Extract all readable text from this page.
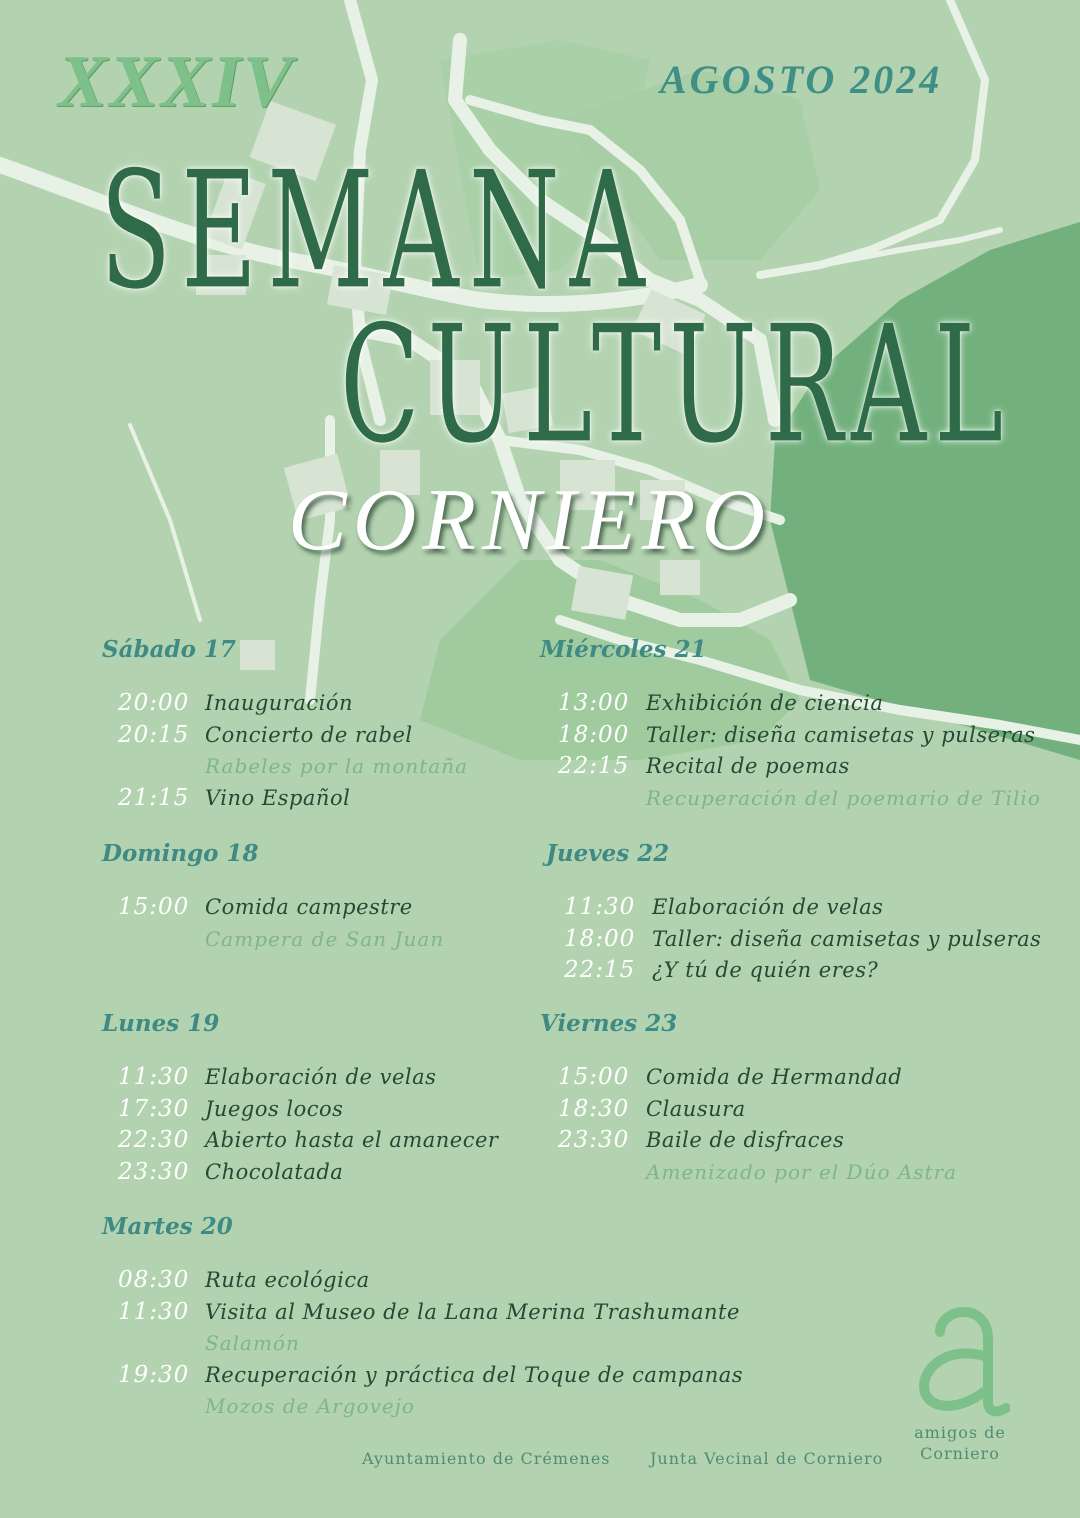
XXXIV	AGOSTO 2024
SEMANA
CULTURAL
CORNIERO
Sábado 17
20:00 Inauguración
20:15 Concierto de rabel
Rabeles por la montaña
21:15 Vino Español
Domingo 18
15:00 Comida campestre
Campera de San Juan
Lunes 19
11:30 Elaboración de velas
17:30 Juegos locos
22:30 Abierto hasta el amanecer
23:30 Chocolatada
Martes 20
08:30 Ruta ecológica
11:30 Visita al Museo de la Lana Merina Trashumante
Salamón
19:30 Recuperación y práctica del Toque de campanas
Mozos de Argovejo
Miércoles 21
13:00 Exhibición de ciencia
18:00 Taller: diseña camisetas y pulseras
22:15 Recital de poemas
Recuperación del poemario de Tilio
Jueves 22
11:30 Elaboración de velas
18:00 Taller: diseña camisetas y pulseras
22:15 ¿Y tú de quién eres?
Viernes 23
15:00 Comida de Hermandad
18:30 Clausura
23:30 Baile de disfraces
Amenizado por el Dúo Astra
amigos de
Corniero
Ayuntamiento de Crémenes Junta Vecinal de Corniero
